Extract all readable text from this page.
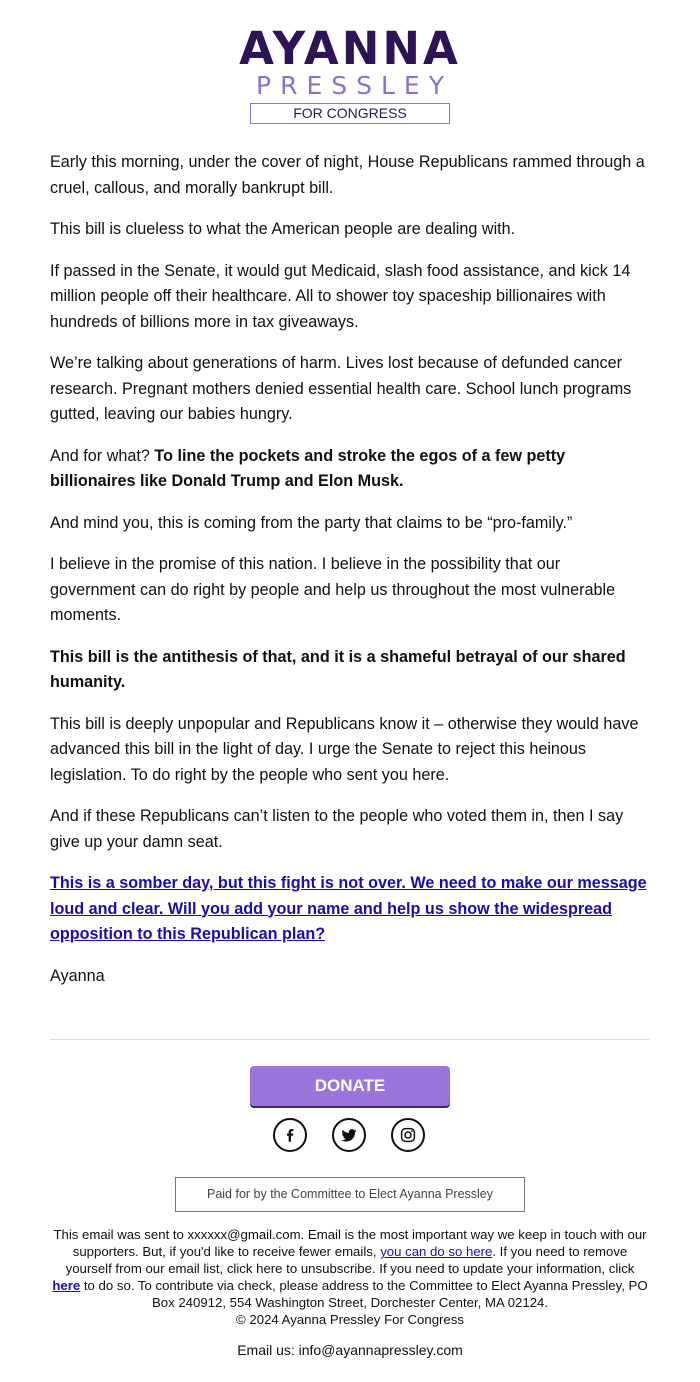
AYANNA
PRESSLEY
FOR CONGRESS

Early this morning, under the cover of night, House Republicans rammed through a cruel, callous, and morally bankrupt bill.

This bill is clueless to what the American people are dealing with.

If passed in the Senate, it would gut Medicaid, slash food assistance, and kick 14 million people off their healthcare. All to shower toy spaceship billionaires with hundreds of billions more in tax giveaways.

We’re talking about generations of harm. Lives lost because of defunded cancer research. Pregnant mothers denied essential health care. School lunch programs gutted, leaving our babies hungry.

And for what? To line the pockets and stroke the egos of a few petty billionaires like Donald Trump and Elon Musk.

And mind you, this is coming from the party that claims to be “pro-family.”

I believe in the promise of this nation. I believe in the possibility that our government can do right by people and help us throughout the most vulnerable moments.

This bill is the antithesis of that, and it is a shameful betrayal of our shared humanity.

This bill is deeply unpopular and Republicans know it – otherwise they would have advanced this bill in the light of day. I urge the Senate to reject this heinous legislation. To do right by the people who sent you here.

And if these Republicans can’t listen to the people who voted them in, then I say give up your damn seat.

This is a somber day, but this fight is not over. We need to make our message loud and clear. Will you add your name and help us show the widespread opposition to this Republican plan?

Ayanna

DONATE
Paid for by the Committee to Elect Ayanna Pressley
This email was sent to xxxxxx@gmail.com. Email is the most important way we keep in touch with our supporters. But, if you'd like to receive fewer emails, you can do so here. If you need to remove yourself from our email list, click here to unsubscribe. If you need to update your information, click here to do so. To contribute via check, please address to the Committee to Elect Ayanna Pressley, PO Box 240912, 554 Washington Street, Dorchester Center, MA 02124.
© 2024 Ayanna Pressley For Congress
Email us: info@ayannapressley.com
